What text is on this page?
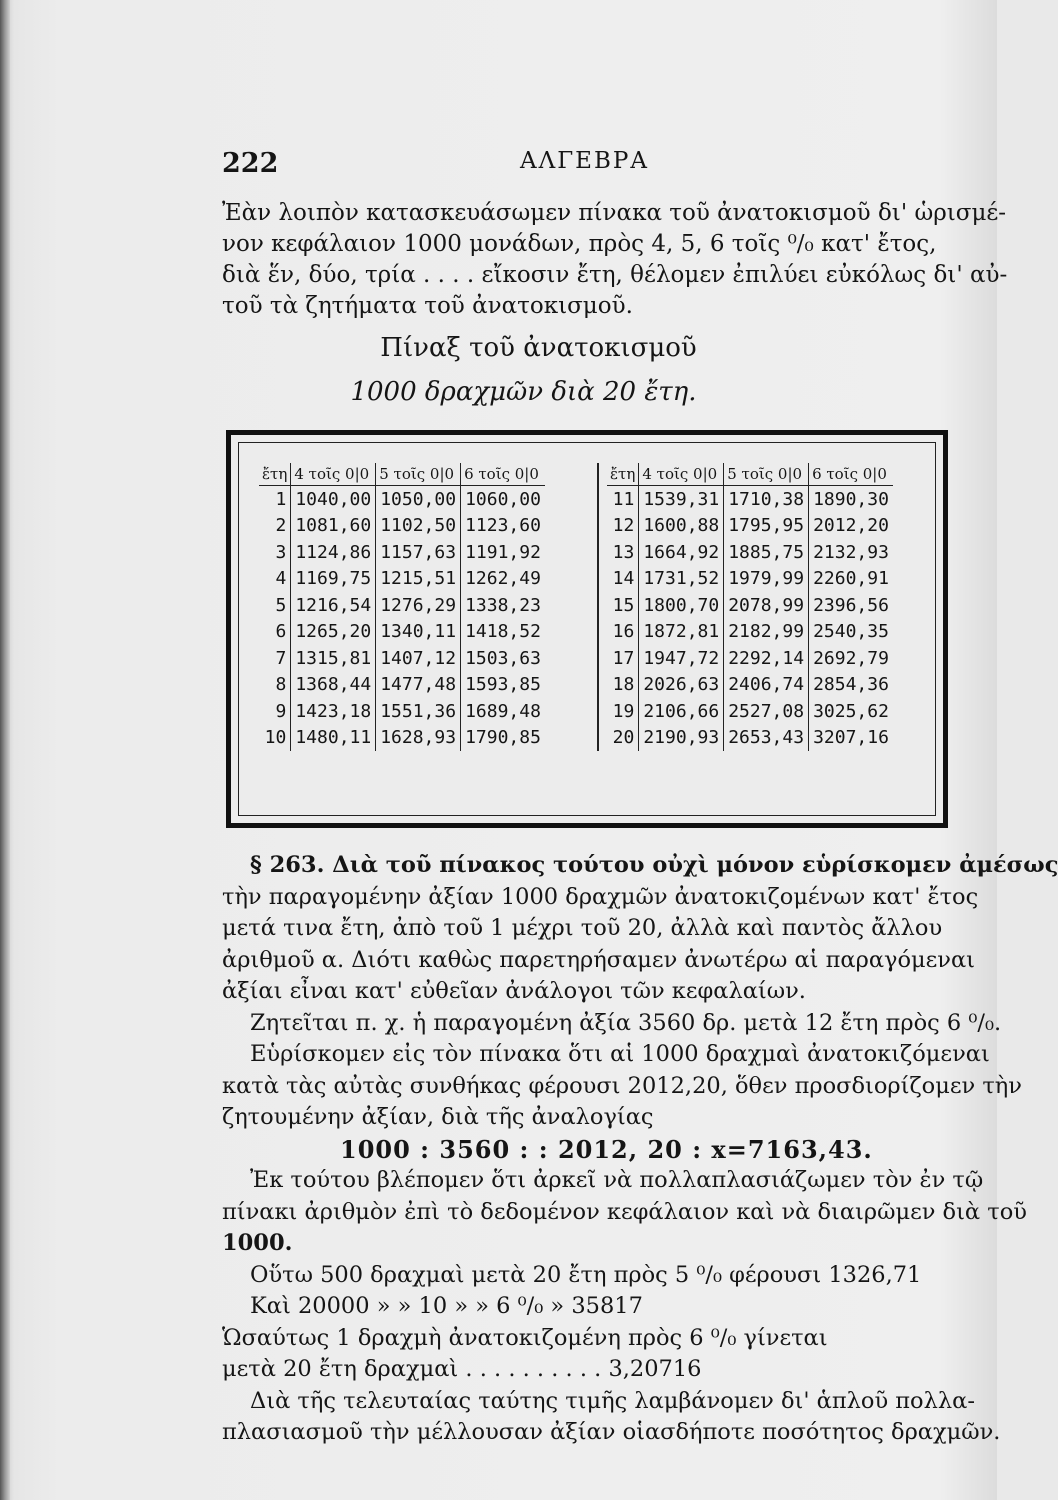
222	ΑΛΓΕΒΡΑ
Ἐὰν λοιπὸν κατασκευάσωμεν πίνακα τοῦ ἀνατοκισμοῦ δι' ὡρισμέ-
νον κεφάλαιον 1000 μονάδων, πρὸς 4, 5, 6 τοῖς ⁰/₀ κατ' ἔτος,
διὰ ἕν, δύο, τρία . . . . εἴκοσιν ἔτη, θέλομεν ἐπιλύει εὐκόλως δι' αὐ-
τοῦ τὰ ζητήματα τοῦ ἀνατοκισμοῦ.
Πίναξ τοῦ ἀνατοκισμοῦ
1000 δραχμῶν διὰ 20 ἔτη.
ἔτη	4 τοῖς 0|0	5 τοῖς 0|0	6 τοῖς 0|0
1	1040,00	1050,00	1060,00
2	1081,60	1102,50	1123,60
3	1124,86	1157,63	1191,92
4	1169,75	1215,51	1262,49
5	1216,54	1276,29	1338,23
6	1265,20	1340,11	1418,52
7	1315,81	1407,12	1503,63
8	1368,44	1477,48	1593,85
9	1423,18	1551,36	1689,48
10	1480,11	1628,93	1790,85
ἔτη	4 τοῖς 0|0	5 τοῖς 0|0	6 τοῖς 0|0
11	1539,31	1710,38	1890,30
12	1600,88	1795,95	2012,20
13	1664,92	1885,75	2132,93
14	1731,52	1979,99	2260,91
15	1800,70	2078,99	2396,56
16	1872,81	2182,99	2540,35
17	1947,72	2292,14	2692,79
18	2026,63	2406,74	2854,36
19	2106,66	2527,08	3025,62
20	2190,93	2653,43	3207,16
§ 263. Διὰ τοῦ πίνακος τούτου οὐχὶ μόνον εὑρίσκομεν ἀμέσως
τὴν παραγομένην ἀξίαν 1000 δραχμῶν ἀνατοκιζομένων κατ' ἔτος
μετά τινα ἔτη, ἀπὸ τοῦ 1 μέχρι τοῦ 20, ἀλλὰ καὶ παντὸς ἄλλου
ἀριθμοῦ α. Διότι καθὼς παρετηρήσαμεν ἀνωτέρω αἱ παραγόμεναι
ἀξίαι εἶναι κατ' εὐθεῖαν ἀνάλογοι τῶν κεφαλαίων.
Ζητεῖται π. χ. ἡ παραγομένη ἀξία 3560 δρ. μετὰ 12 ἔτη πρὸς 6 ⁰/₀.
Εὑρίσκομεν εἰς τὸν πίνακα ὅτι αἱ 1000 δραχμαὶ ἀνατοκιζόμεναι
κατὰ τὰς αὐτὰς συνθήκας φέρουσι 2012,20, ὅθεν προσδιορίζομεν τὴν
ζητουμένην ἀξίαν, διὰ τῆς ἀναλογίας
1000 : 3560 : : 2012, 20 : x=7163,43.
Ἐκ τούτου βλέπομεν ὅτι ἀρκεῖ νὰ πολλαπλασιάζωμεν τὸν ἐν τῷ
πίνακι ἀριθμὸν ἐπὶ τὸ δεδομένον κεφάλαιον καὶ νὰ διαιρῶμεν διὰ τοῦ
1000.
Οὕτω 500 δραχμαὶ μετὰ 20 ἔτη πρὸς 5 ⁰/₀ φέρουσι 1326,71
Καὶ 20000 » » 10 » » 6 ⁰/₀ » 35817
Ὡσαύτως 1 δραχμὴ ἀνατοκιζομένη πρὸς 6 ⁰/₀ γίνεται
μετὰ 20 ἔτη δραχμαὶ . . . . . . . . . . 3,20716
Διὰ τῆς τελευταίας ταύτης τιμῆς λαμβάνομεν δι' ἁπλοῦ πολλα-
πλασιασμοῦ τὴν μέλλουσαν ἀξίαν οἱασδήποτε ποσότητος δραχμῶν.
